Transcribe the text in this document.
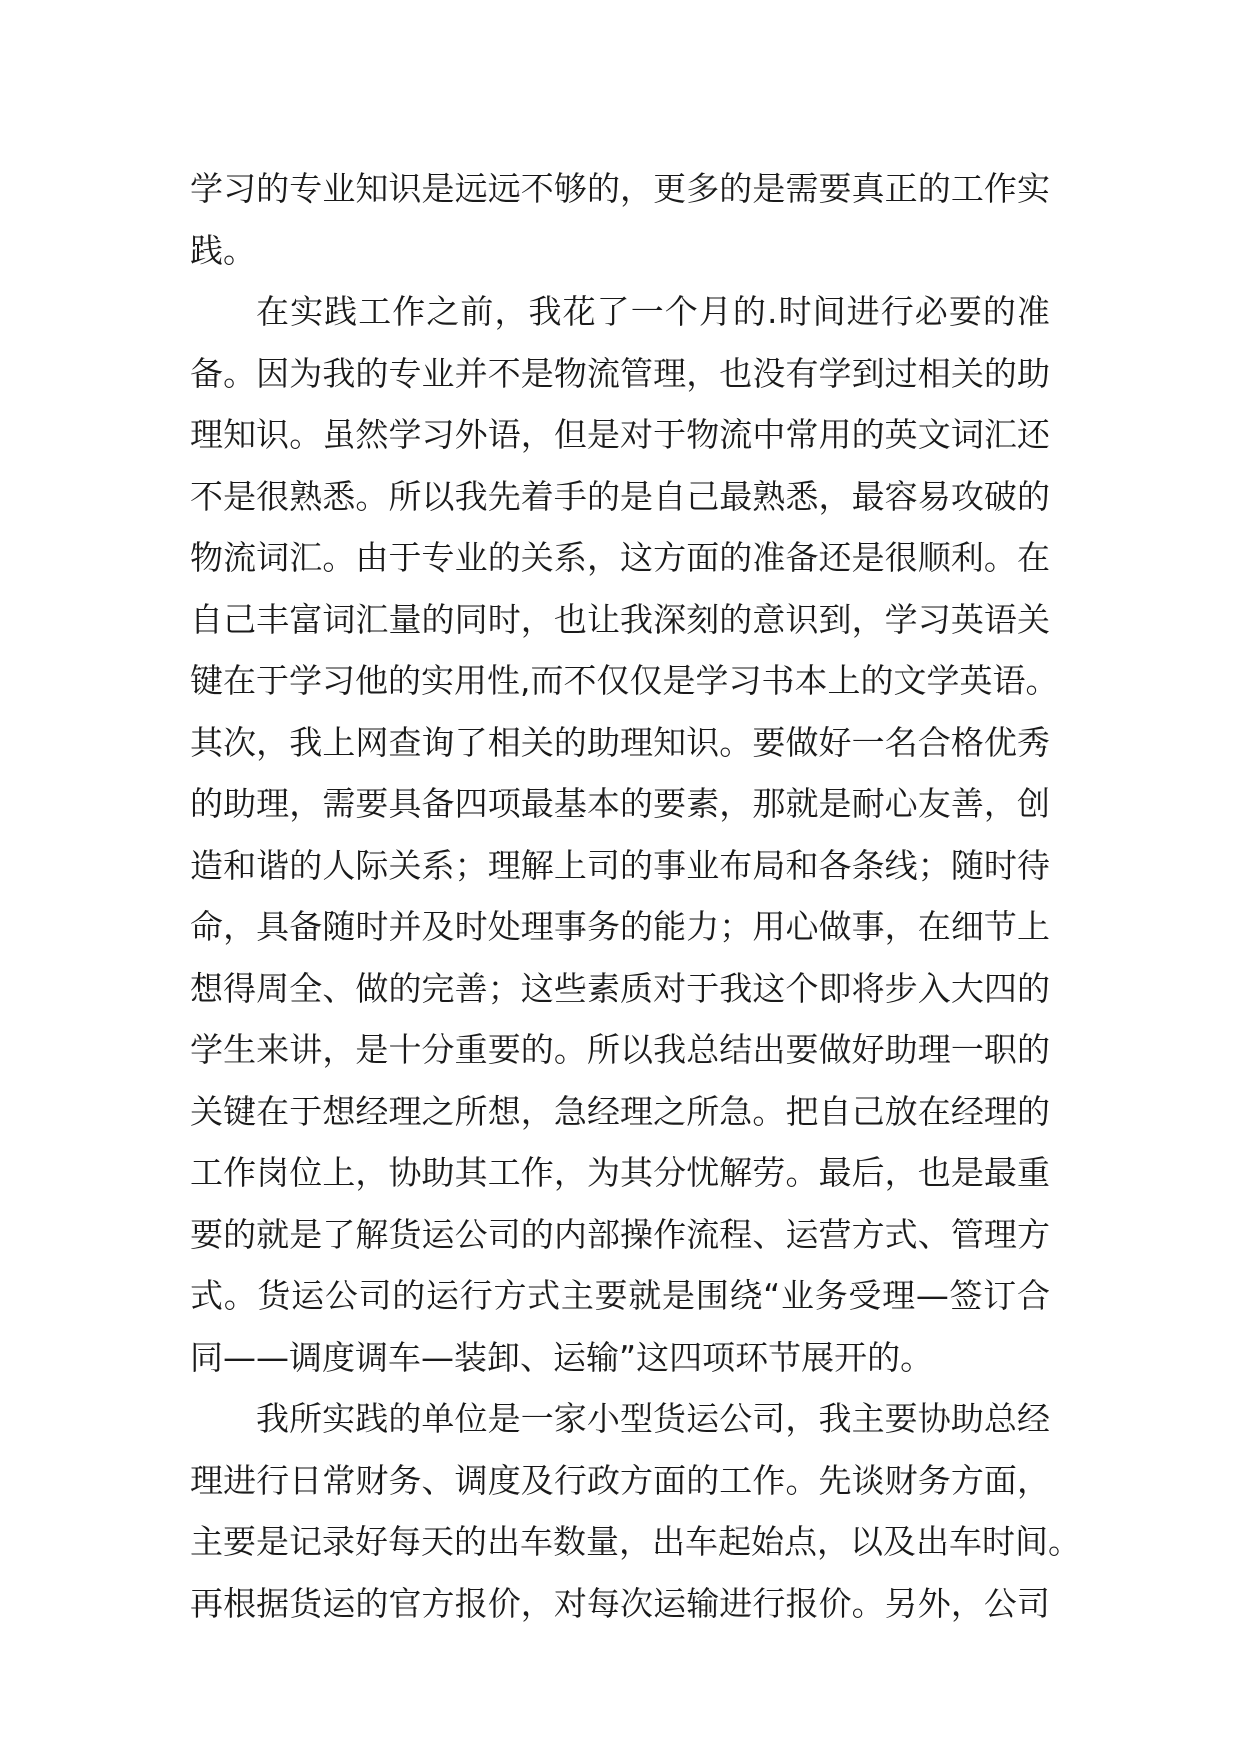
学习的专业知识是远远不够的，更多的是需要真正的工作实
践。
在实践工作之前，我花了一个月的.时间进行必要的准
备。因为我的专业并不是物流管理，也没有学到过相关的助
理知识。虽然学习外语，但是对于物流中常用的英文词汇还
不是很熟悉。所以我先着手的是自己最熟悉，最容易攻破的
物流词汇。由于专业的关系，这方面的准备还是很顺利。在
自己丰富词汇量的同时，也让我深刻的意识到，学习英语关
键在于学习他的实用性,而不仅仅是学习书本上的文学英语。
其次，我上网查询了相关的助理知识。要做好一名合格优秀
的助理，需要具备四项最基本的要素，那就是耐心友善，创
造和谐的人际关系；理解上司的事业布局和各条线；随时待
命，具备随时并及时处理事务的能力；用心做事，在细节上
想得周全、做的完善；这些素质对于我这个即将步入大四的
学生来讲，是十分重要的。所以我总结出要做好助理一职的
关键在于想经理之所想，急经理之所急。把自己放在经理的
工作岗位上，协助其工作，为其分忧解劳。最后，也是最重
要的就是了解货运公司的内部操作流程、运营方式、管理方
式。货运公司的运行方式主要就是围绕“业务受理—签订合
同——调度调车—装卸、运输”这四项环节展开的。
我所实践的单位是一家小型货运公司，我主要协助总经
理进行日常财务、调度及行政方面的工作。先谈财务方面，
主要是记录好每天的出车数量，出车起始点，以及出车时间。
再根据货运的官方报价，对每次运输进行报价。另外，公司
